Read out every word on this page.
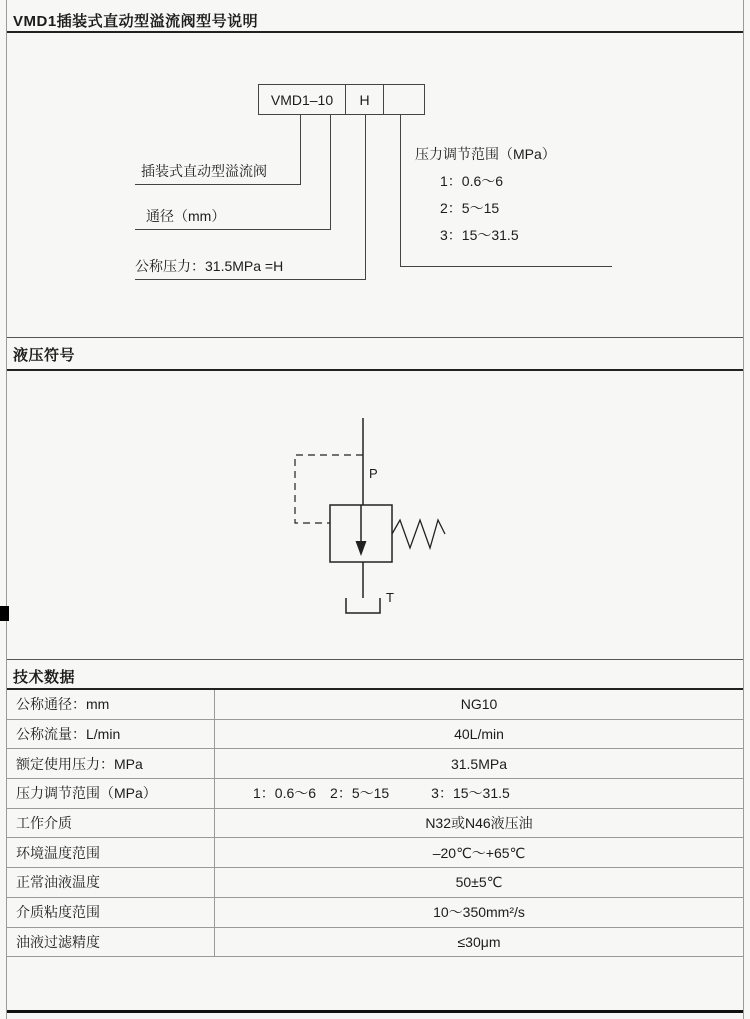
VMD1插装式直动型溢流阀型号说明
VMD1–10	H
插装式直动型溢流阀
通径（mm）
公称压力：31.5MPa =H
压力调节范围（MPa）
1：0.6～6
2：5～15
3：15～31.5
液压符号
P
T
技术数据
公称通径：mm	NG10
公称流量：L/min	40L/min
额定使用压力：MPa	31.5MPa
压力调节范围（MPa）	1：0.6～6　2：5～15　　　3：15～31.5
工作介质	N32或N46液压油
环境温度范围	–20℃～+65℃
正常油液温度	50±5℃
介质粘度范围	10～350mm²/s
油液过滤精度	≤30μm
